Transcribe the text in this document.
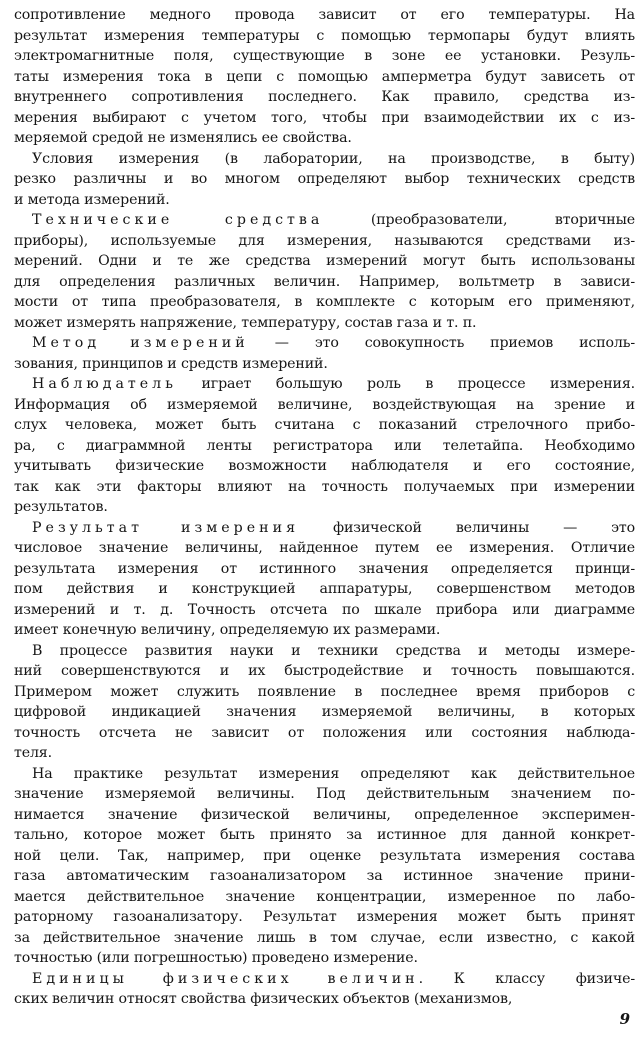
сопротивление медного провода зависит от его температуры. На
результат измерения температуры с помощью термопары будут влиять
электромагнитные поля, существующие в зоне ее установки. Резуль-
таты измерения тока в цепи с помощью амперметра будут зависеть от
внутреннего сопротивления последнего. Как правило, средства из-
мерения выбирают с учетом того, чтобы при взаимодействии их с из-
меряемой средой не изменялись ее свойства.
Условия измерения (в лаборатории, на производстве, в быту)
резко различны и во многом определяют выбор технических средств
и метода измерений.
Технические средства (преобразователи, вторичные
приборы), используемые для измерения, называются средствами из-
мерений. Одни и те же средства измерений могут быть использованы
для определения различных величин. Например, вольтметр в зависи-
мости от типа преобразователя, в комплекте с которым его применяют,
может измерять напряжение, температуру, состав газа и т. п.
Метод измерений — это совокупность приемов исполь-
зования, принципов и средств измерений.
Наблюдатель играет большую роль в процессе измерения.
Информация об измеряемой величине, воздействующая на зрение и
слух человека, может быть считана с показаний стрелочного прибо-
ра, с диаграммной ленты регистратора или телетайпа. Необходимо
учитывать физические возможности наблюдателя и его состояние,
так как эти факторы влияют на точность получаемых при измерении
результатов.
Результат измерения физической величины — это
числовое значение величины, найденное путем ее измерения. Отличие
результата измерения от истинного значения определяется принци-
пом действия и конструкцией аппаратуры, совершенством методов
измерений и т. д. Точность отсчета по шкале прибора или диаграмме
имеет конечную величину, определяемую их размерами.
В процессе развития науки и техники средства и методы измере-
ний совершенствуются и их быстродействие и точность повышаются.
Примером может служить появление в последнее время приборов с
цифровой индикацией значения измеряемой величины, в которых
точность отсчета не зависит от положения или состояния наблюда-
теля.
На практике результат измерения определяют как действительное
значение измеряемой величины. Под действительным значением по-
нимается значение физической величины, определенное эксперимен-
тально, которое может быть принято за истинное для данной конкрет-
ной цели. Так, например, при оценке результата измерения состава
газа автоматическим газоанализатором за истинное значение прини-
мается действительное значение концентрации, измеренное по лабо-
раторному газоанализатору. Результат измерения может быть принят
за действительное значение лишь в том случае, если известно, с какой
точностью (или погрешностью) проведено измерение.
Единицы физических величин. К классу физиче-
ских величин относят свойства физических объектов (механизмов,
9
